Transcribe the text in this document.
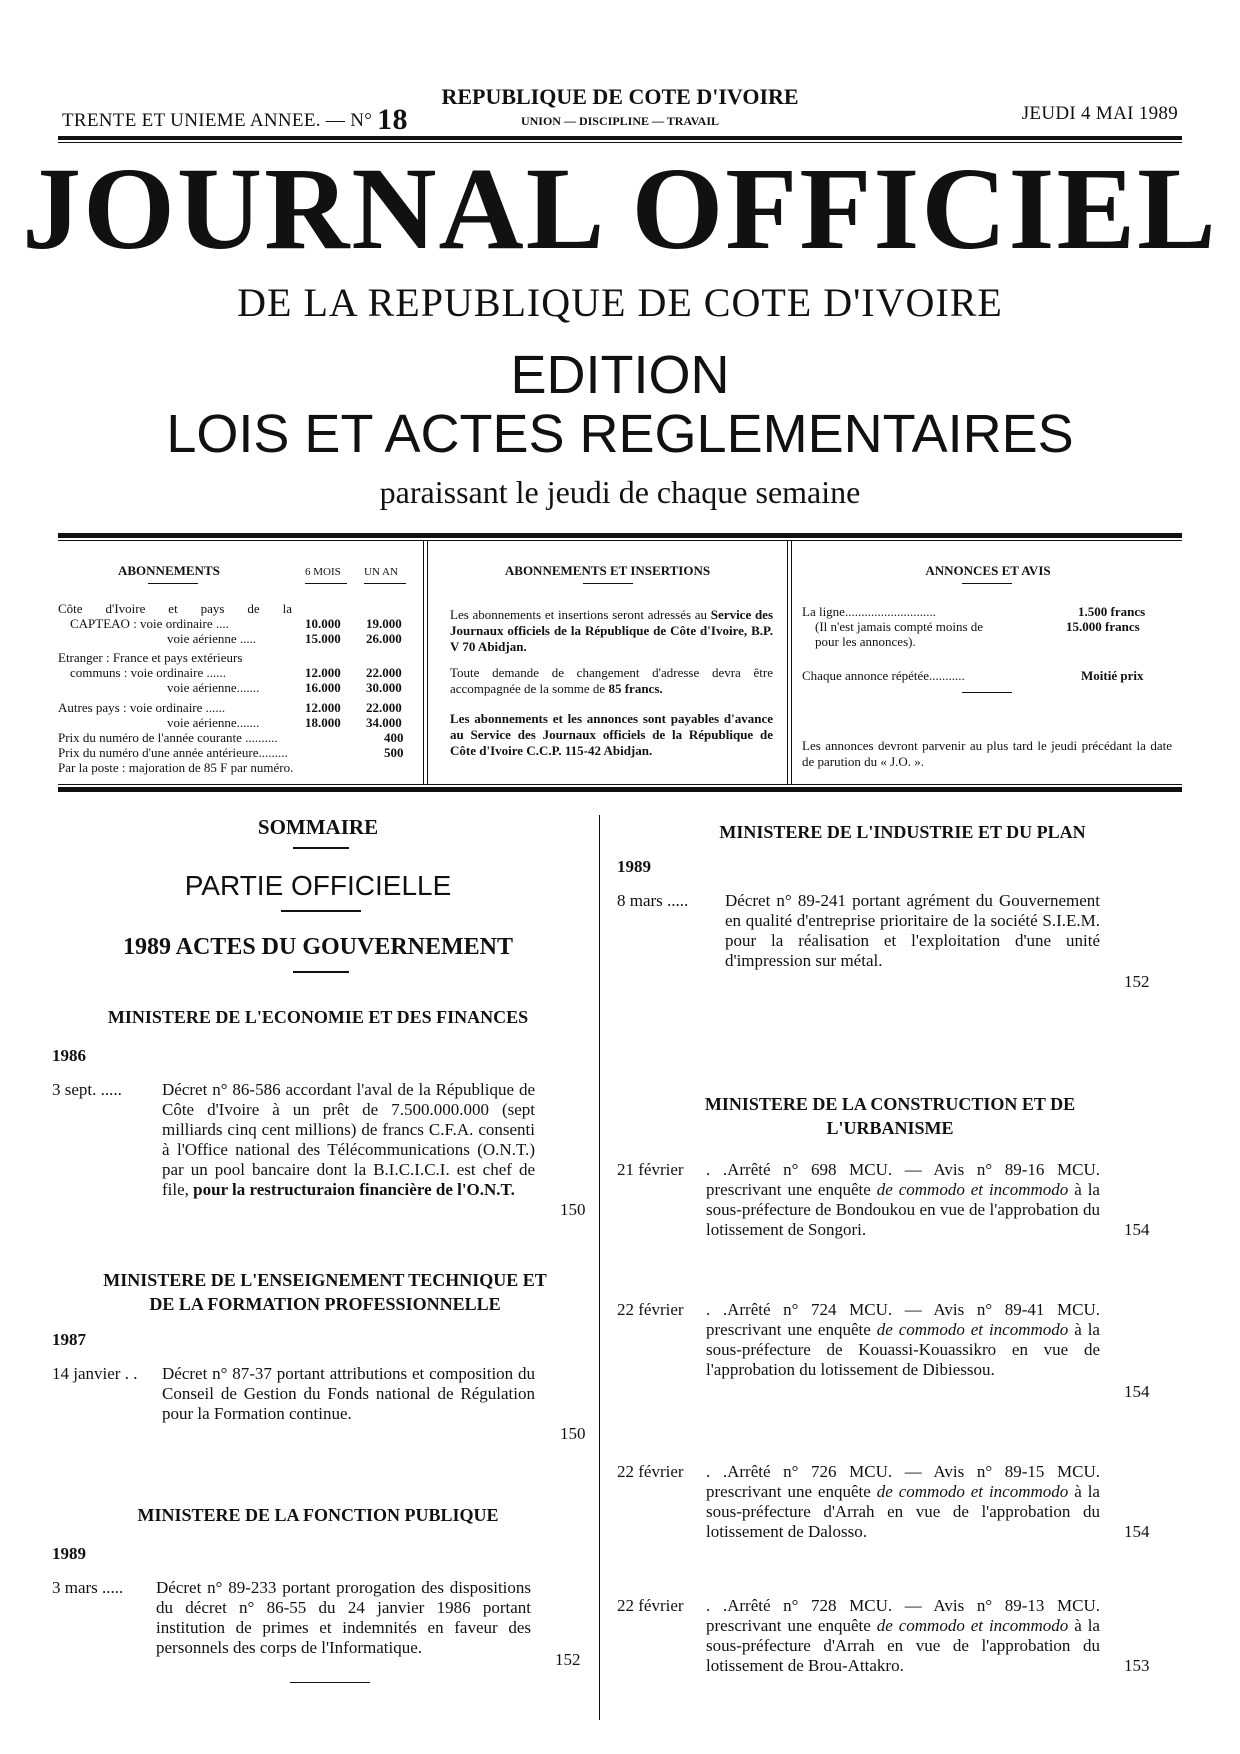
TRENTE ET UNIEME ANNEE. — N° 18
REPUBLIQUE DE COTE D'IVOIRE
UNION — DISCIPLINE — TRAVAIL	JEUDI 4 MAI 1989
JOURNAL OFFICIEL
DE LA REPUBLIQUE DE COTE D'IVOIRE
EDITION
LOIS ET ACTES REGLEMENTAIRES
paraissant le jeudi de chaque semaine
ABONNEMENTS	6 MOIS UN AN
Côte d'Ivoire et pays de la
CAPTEAO : voie ordinaire ....	10.000 19.000
voie aérienne .....	15.000 26.000
Etranger : France et pays extérieurs
communs : voie ordinaire ......	12.000 22.000
voie aérienne.......	16.000 30.000
Autres pays : voie ordinaire ......	12.000 22.000
voie aérienne.......	18.000 34.000
Prix du numéro de l'année courante ..........	400
Prix du numéro d'une année antérieure.........	500
Par la poste : majoration de 85 F par numéro.
ABONNEMENTS ET INSERTIONS
Les abonnements et insertions seront adressés au Service des Journaux officiels de la République de Côte d'Ivoire, B.P. V 70 Abidjan.
Toute demande de changement d'adresse devra être accompagnée de la somme de 85 francs.
Les abonnements et les annonces sont payables d'avance au Service des Journaux officiels de la République de Côte d'Ivoire C.C.P. 115-42 Abidjan.
ANNONCES ET AVIS
La ligne............................	1.500 francs
(Il n'est jamais compté moins de	15.000 francs
pour les annonces).
Chaque annonce répétée...........	Moitié prix
Les annonces devront parvenir au plus tard le jeudi précédant la date de parution du « J.O. ».
SOMMAIRE
PARTIE OFFICIELLE
1989 ACTES DU GOUVERNEMENT
MINISTERE DE L'ECONOMIE ET DES FINANCES
1986
3 sept. ..... Décret n° 86-586 accordant l'aval de la République de Côte d'Ivoire à un prêt de 7.500.000.000 (sept milliards cinq cent millions) de francs C.F.A. consenti à l'Office national des Télécommunications (O.N.T.) par un pool bancaire dont la B.I.C.I.C.I. est chef de file, pour la restructuraion financière de l'O.N.T.
150
MINISTERE DE L'ENSEIGNEMENT TECHNIQUE ET DE LA FORMATION PROFESSIONNELLE
1987
14 janvier . . Décret n° 87-37 portant attributions et composition du Conseil de Gestion du Fonds national de Régulation pour la Formation continue.
150
MINISTERE DE LA FONCTION PUBLIQUE
1989
3 mars ..... Décret n° 89-233 portant prorogation des dispositions du décret n° 86-55 du 24 janvier 1986 portant institution de primes et indemnités en faveur des personnels des corps de l'Informatique.
152
MINISTERE DE L'INDUSTRIE ET DU PLAN
1989
8 mars ..... Décret n° 89-241 portant agrément du Gouvernement en qualité d'entreprise prioritaire de la société S.I.E.M. pour la réalisation et l'exploitation d'une unité d'impression sur métal.
152
MINISTERE DE LA CONSTRUCTION ET DE L'URBANISME
21 février . .Arrêté n° 698 MCU. — Avis n° 89-16 MCU. prescrivant une enquête de commodo et incommodo à la sous-préfecture de Bondoukou en vue de l'approbation du lotissement de Songori.	154
22 février . .Arrêté n° 724 MCU. — Avis n° 89-41 MCU. prescrivant une enquête de commodo et incommodo à la sous-préfecture de Kouassi-Kouassikro en vue de l'approbation du lotissement de Dibiessou.
154
22 février . .Arrêté n° 726 MCU. — Avis n° 89-15 MCU. prescrivant une enquête de commodo et incommodo à la sous-préfecture d'Arrah en vue de l'approbation du lotissement de Dalosso.	154
22 février . .Arrêté n° 728 MCU. — Avis n° 89-13 MCU. prescrivant une enquête de commodo et incommodo à la sous-préfecture d'Arrah en vue de l'approbation du lotissement de Brou-Attakro.	153
